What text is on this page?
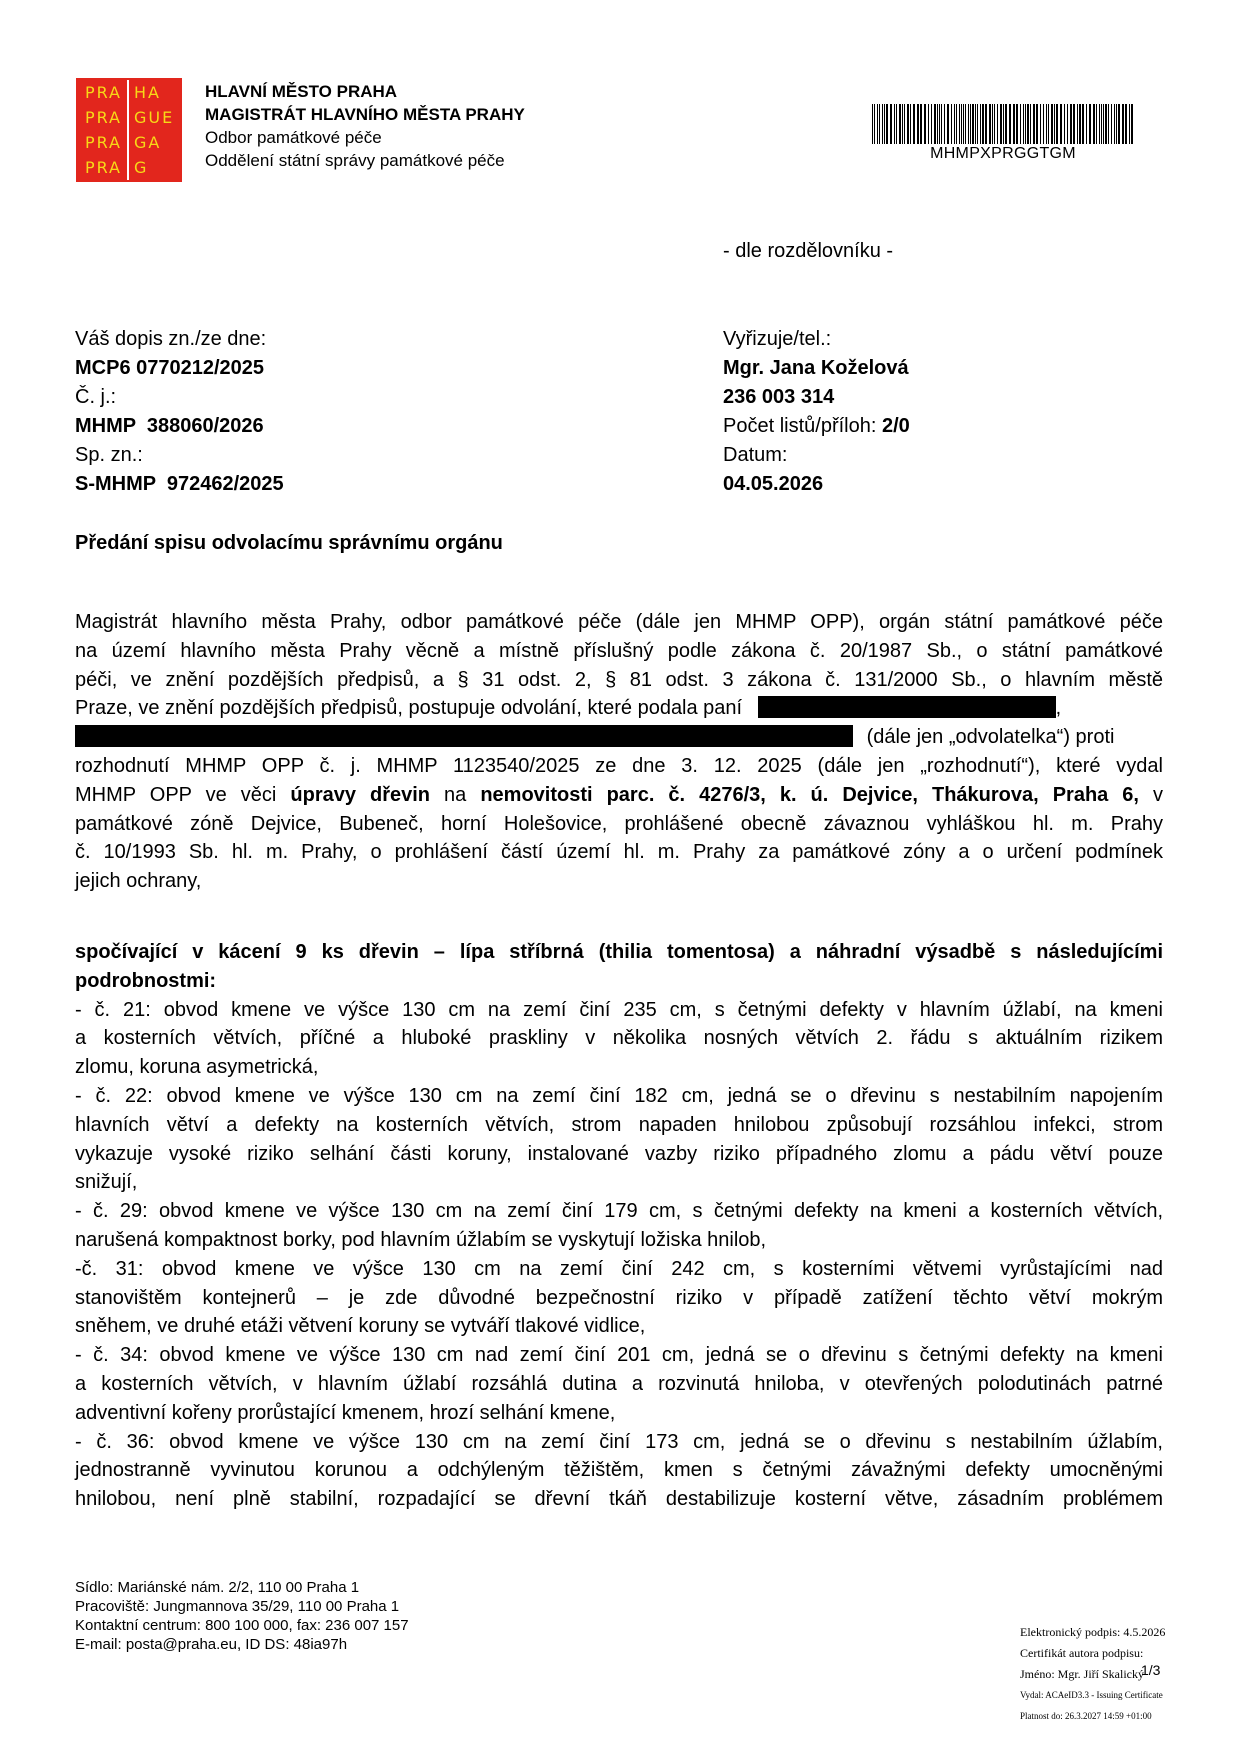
PRA HA
PRA GUE
PRA GA
PRA G
HLAVNÍ MĚSTO PRAHA
MAGISTRÁT HLAVNÍHO MĚSTA PRAHY
Odbor památkové péče
Oddělení státní správy památkové péče	MHMPXPRGGTGM
- dle rozdělovníku -
Váš dopis zn./ze dne:
MCP6 0770212/2025
Č. j.:
MHMP  388060/2026
Sp. zn.:
S-MHMP  972462/2025
Vyřizuje/tel.:
Mgr. Jana Koželová
236 003 314
Počet listů/příloh: 2/0
Datum:
04.05.2026
Předání spisu odvolacímu správnímu orgánu
Magistrát hlavního města Prahy, odbor památkové péče (dále jen MHMP OPP), orgán státní památkové péče
na území hlavního města Prahy věcně a místně příslušný podle zákona č. 20/1987 Sb., o státní památkové
péči, ve znění pozdějších předpisů, a § 31 odst. 2, § 81 odst. 3 zákona č. 131/2000 Sb., o hlavním městě
Praze, ve znění pozdějších předpisů, postupuje odvolání, které podala paní	,
(dále jen „odvolatelka“) proti
rozhodnutí MHMP OPP č. j. MHMP 1123540/2025 ze dne 3. 12. 2025 (dále jen „rozhodnutí“), které vydal
MHMP OPP ve věci úpravy dřevin na nemovitosti parc. č. 4276/3, k. ú. Dejvice, Thákurova, Praha 6, v
památkové zóně Dejvice, Bubeneč, horní Holešovice, prohlášené obecně závaznou vyhláškou hl. m. Prahy
č. 10/1993 Sb. hl. m. Prahy, o prohlášení částí území hl. m. Prahy za památkové zóny a o určení podmínek
jejich ochrany,
spočívající v kácení 9 ks dřevin – lípa stříbrná (thilia tomentosa) a náhradní výsadbě s následujícími
podrobnostmi:
- č. 21: obvod kmene ve výšce 130 cm na zemí činí 235 cm, s četnými defekty v hlavním úžlabí, na kmeni
a kosterních větvích, příčné a hluboké praskliny v několika nosných větvích 2. řádu s aktuálním rizikem
zlomu, koruna asymetrická,
- č. 22: obvod kmene ve výšce 130 cm na zemí činí 182 cm, jedná se o dřevinu s nestabilním napojením
hlavních větví a defekty na kosterních větvích, strom napaden hnilobou způsobují rozsáhlou infekci, strom
vykazuje vysoké riziko selhání části koruny, instalované vazby riziko případného zlomu a pádu větví pouze
snižují,
- č. 29: obvod kmene ve výšce 130 cm na zemí činí 179 cm, s četnými defekty na kmeni a kosterních větvích,
narušená kompaktnost borky, pod hlavním úžlabím se vyskytují ložiska hnilob,
-č. 31: obvod kmene ve výšce 130 cm na zemí činí 242 cm, s kosterními větvemi vyrůstajícími nad
stanovištěm kontejnerů – je zde důvodné bezpečnostní riziko v případě zatížení těchto větví mokrým
sněhem, ve druhé etáži větvení koruny se vytváří tlakové vidlice,
- č. 34: obvod kmene ve výšce 130 cm nad zemí činí 201 cm, jedná se o dřevinu s četnými defekty na kmeni
a kosterních větvích, v hlavním úžlabí rozsáhlá dutina a rozvinutá hniloba, v otevřených polodutinách patrné
adventivní kořeny prorůstající kmenem, hrozí selhání kmene,
- č. 36: obvod kmene ve výšce 130 cm na zemí činí 173 cm, jedná se o dřevinu s nestabilním úžlabím,
jednostranně vyvinutou korunou a odchýleným těžištěm, kmen s četnými závažnými defekty umocněnými
hnilobou, není plně stabilní, rozpadající se dřevní tkáň destabilizuje kosterní větve, zásadním problémem
Sídlo: Mariánské nám. 2/2, 110 00 Praha 1
Pracoviště: Jungmannova 35/29, 110 00 Praha 1
Kontaktní centrum: 800 100 000, fax: 236 007 157
E-mail: posta@praha.eu, ID DS: 48ia97h
Elektronický podpis: 4.5.2026
Certifikát autora podpisu:
Jméno: Mgr. Jiří Skalický
Vydal: ACAeID3.3 - Issuing Certificate
Platnost do: 26.3.2027 14:59 +01:00
1/3
